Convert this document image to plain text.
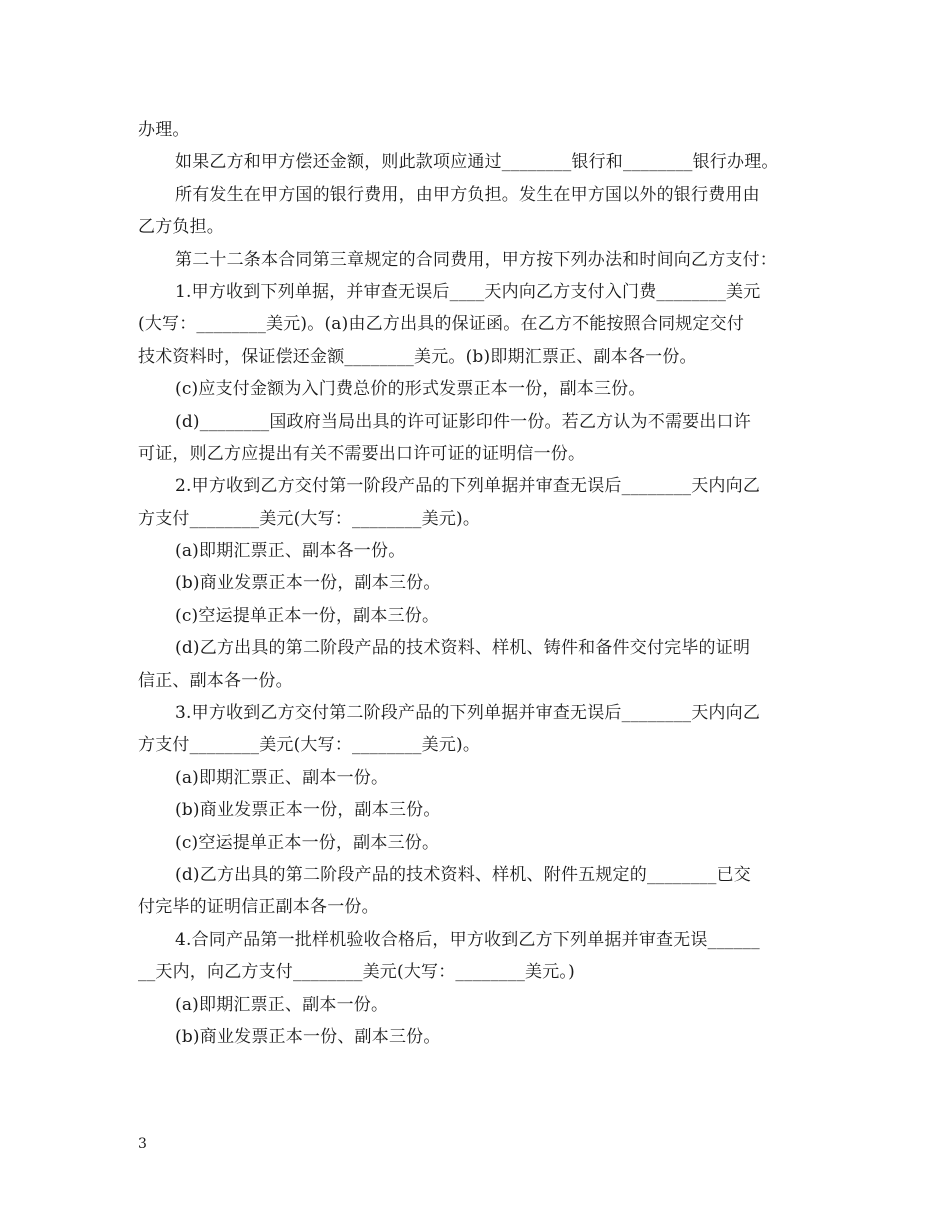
办理。
如果乙方和甲方偿还金额，则此款项应通过________银行和________银行办理。
所有发生在甲方国的银行费用，由甲方负担。发生在甲方国以外的银行费用由
乙方负担。
第二十二条本合同第三章规定的合同费用，甲方按下列办法和时间向乙方支付：
1.甲方收到下列单据，并审查无误后____天内向乙方支付入门费________美元
(大写：________美元)。(a)由乙方出具的保证函。在乙方不能按照合同规定交付
技术资料时，保证偿还金额________美元。(b)即期汇票正、副本各一份。
(c)应支付金额为入门费总价的形式发票正本一份，副本三份。
(d)________国政府当局出具的许可证影印件一份。若乙方认为不需要出口许
可证，则乙方应提出有关不需要出口许可证的证明信一份。
2.甲方收到乙方交付第一阶段产品的下列单据并审查无误后________天内向乙
方支付________美元(大写：________美元)。
(a)即期汇票正、副本各一份。
(b)商业发票正本一份，副本三份。
(c)空运提单正本一份，副本三份。
(d)乙方出具的第二阶段产品的技术资料、样机、铸件和备件交付完毕的证明
信正、副本各一份。
3.甲方收到乙方交付第二阶段产品的下列单据并审查无误后________天内向乙
方支付________美元(大写：________美元)。
(a)即期汇票正、副本一份。
(b)商业发票正本一份，副本三份。
(c)空运提单正本一份，副本三份。
(d)乙方出具的第二阶段产品的技术资料、样机、附件五规定的________已交
付完毕的证明信正副本各一份。
4.合同产品第一批样机验收合格后，甲方收到乙方下列单据并审查无误______
__天内，向乙方支付________美元(大写：________美元。)
(a)即期汇票正、副本一份。
(b)商业发票正本一份、副本三份。
3
